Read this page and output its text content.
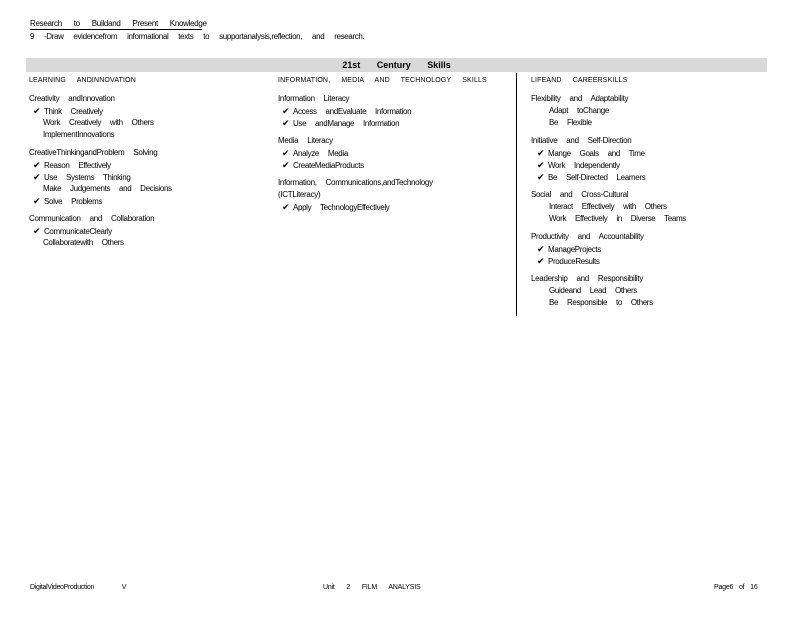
Research to Buildand Present Knowledge
9 -Draw evidencefrom informational texts to supportanalysis,reflection, and research.
21st Century Skills
LEARNING ANDINNOVATION
Creativity andInnovation
✔ Think Creatively
Work Creatively with Others
ImplementInnovations
CreativeThinkingandProblem Solving
✔ Reason Effectively
✔ Use Systems Thinking
Make Judgements and Decisions
✔ Solve Problems
Communication and Collaboration
✔ CommunicateClearly
Collaboratewith Others
INFORMATION, MEDIA AND TECHNOLOGY SKILLS
Information Literacy
✔ Access andEvaluate Information
✔ Use andManage Information
Media Literacy
✔ Analyze Media
✔ CreateMediaProducts
Information, Communications,andTechnology
(ICTLiteracy)
✔ Apply TechnologyEffectively
LIFEAND CAREERSKILLS
Flexibility and Adaptability
Adapt toChange
Be Flexible
Initiative and Self-Direction
✔ Mange Goals and Time
✔ Work Independently
✔ Be Self-Directed Learners
Social and Cross-Cultural
Interact Effectively with Others
Work Effectively in Diverse Teams
Productivity and Accountability
✔ ManageProjects
✔ ProduceResults
Leadership and Responsibility
Guideand Lead Others
Be Responsible to Others
DigitalVideoProduction V	Unit 2 FILM ANALYSIS	Page6 of 16
